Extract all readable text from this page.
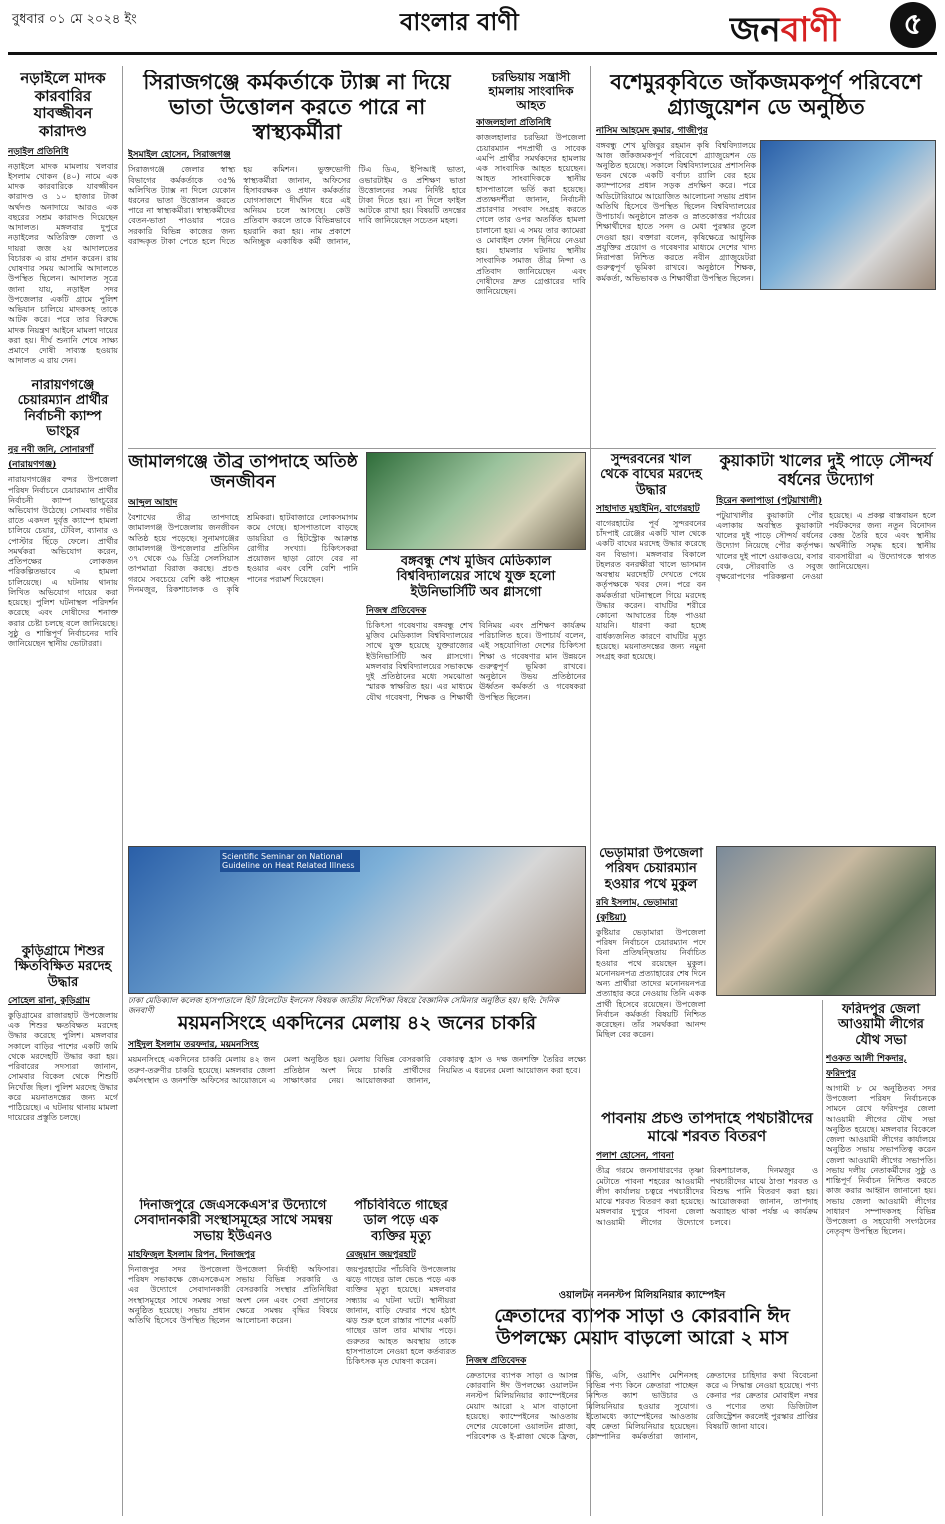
বুধবার ০১ মে ২০২৪ ইং	বাংলার বাণী	জনবাণী	৫
নড়াইলে মাদক কারবারির যাবজ্জীবন কারাদণ্ড
নড়াইল প্রতিনিধি
নড়াইলে মাদক মামলায় খলবার ইসলাম খোকন (৪০) নামে এক মাদক কারবারিকে যাবজ্জীবন কারাদণ্ড ও ১০ হাজার টাকা অর্থদণ্ড অনাদায়ে আরও এক বছরের সশ্রম কারাদণ্ড দিয়েছেন আদালত। মঙ্গলবার দুপুরে নড়াইলের অতিরিক্ত জেলা ও দায়রা জজ ২য় আদালতের বিচারক এ রায় প্রদান করেন। রায় ঘোষণার সময় আসামি আদালতে উপস্থিত ছিলেন। আদালত সূত্রে জানা যায়, নড়াইল সদর উপজেলার একটি গ্রামে পুলিশ অভিযান চালিয়ে মাদকসহ তাকে আটক করে। পরে তার বিরুদ্ধে মাদক নিয়ন্ত্রণ আইনে মামলা দায়ের করা হয়। দীর্ঘ শুনানি শেষে সাক্ষ্য প্রমাণে দোষী সাব্যস্ত হওয়ায় আদালত এ রায় দেন।
সিরাজগঞ্জে কর্মকর্তাকে ট্যাক্স না দিয়ে ভাতা উত্তোলন করতে পারে না স্বাস্থ্যকর্মীরা
ইসমাইল হোসেন, সিরাজগঞ্জ
সিরাজগঞ্জে জেলার স্বাস্থ্য বিভাগের কর্মকর্তাকে ৩৫% অলিখিত ট্যাক্স না দিলে যেকোন ধরনের ভাতা উত্তোলন করতে পারে না স্বাস্থ্যকর্মীরা। স্বাস্থ্যকর্মীদের বেতন-ভাতা পাওয়ার পরেও সরকারি বিভিন্ন কাজের জন্য বরাদ্দকৃত টাকা পেতে হলে দিতে হয় কমিশন। ভুক্তভোগী স্বাস্থ্যকর্মীরা জানান, অফিসের হিসাবরক্ষক ও প্রধান কর্মকর্তার যোগসাজশে দীর্ঘদিন ধরে এই অনিয়ম চলে আসছে। কেউ প্রতিবাদ করলে তাকে বিভিন্নভাবে হয়রানি করা হয়। নাম প্রকাশে অনিচ্ছুক একাধিক কর্মী জানান, টিএ ডিএ, ইপিআই ভাতা, ওভারটাইম ও প্রশিক্ষণ ভাতা উত্তোলনের সময় নির্দিষ্ট হারে টাকা দিতে হয়। না দিলে ফাইল আটকে রাখা হয়। বিষয়টি তদন্তের দাবি জানিয়েছেন সচেতন মহল।
চরভিয়ায় সন্ত্রাসী হামলায় সাংবাদিক আহত
কাজলহালা প্রতিনিধি
কাজলহালার চরভিয়া উপজেলা চেয়ারম্যান পদপ্রার্থী ও সাবেক এমপি প্রার্থীর সমর্থকদের হামলায় এক সাংবাদিক আহত হয়েছেন। আহত সাংবাদিককে স্থানীয় হাসপাতালে ভর্তি করা হয়েছে। প্রত্যক্ষদর্শীরা জানান, নির্বাচনী প্রচারণার সংবাদ সংগ্রহ করতে গেলে তার ওপর অতর্কিত হামলা চালানো হয়। এ সময় তার ক্যামেরা ও মোবাইল ফোন ছিনিয়ে নেওয়া হয়। হামলার ঘটনায় স্থানীয় সাংবাদিক সমাজ তীব্র নিন্দা ও প্রতিবাদ জানিয়েছেন এবং দোষীদের দ্রুত গ্রেপ্তারের দাবি জানিয়েছেন।
বশেমুরকৃবিতে জাঁকজমকপূর্ণ পরিবেশে গ্র্যাজুয়েশন ডে অনুষ্ঠিত
নাসিম আহমেদ কুমার, গাজীপুর
বঙ্গবন্ধু শেখ মুজিবুর রহমান কৃষি বিশ্ববিদ্যালয়ে আজ জাঁকজমকপূর্ণ পরিবেশে গ্র্যাজুয়েশন ডে অনুষ্ঠিত হয়েছে। সকালে বিশ্ববিদ্যালয়ের প্রশাসনিক ভবন থেকে একটি বর্ণাঢ্য র‍্যালি বের হয়ে ক্যাম্পাসের প্রধান সড়ক প্রদক্ষিণ করে। পরে অডিটোরিয়ামে আয়োজিত আলোচনা সভায় প্রধান অতিথি হিসেবে উপস্থিত ছিলেন বিশ্ববিদ্যালয়ের উপাচার্য। অনুষ্ঠানে স্নাতক ও স্নাতকোত্তর পর্যায়ের শিক্ষার্থীদের হাতে সনদ ও মেধা পুরস্কার তুলে দেওয়া হয়। বক্তারা বলেন, কৃষিক্ষেত্রে আধুনিক প্রযুক্তির প্রয়োগ ও গবেষণার মাধ্যমে দেশের খাদ্য নিরাপত্তা নিশ্চিত করতে নবীন গ্র্যাজুয়েটরা গুরুত্বপূর্ণ ভূমিকা রাখবে। অনুষ্ঠানে শিক্ষক, কর্মকর্তা, অভিভাবক ও শিক্ষার্থীরা উপস্থিত ছিলেন।
জামালগঞ্জে তীব্র তাপদাহে অতিষ্ঠ জনজীবন
আব্দুল আহাদ
বৈশাখের তীব্র তাপদাহে জামালগঞ্জ উপজেলায় জনজীবন অতিষ্ঠ হয়ে পড়েছে। সুনামগঞ্জের জামালগঞ্জ উপজেলার প্রতিদিন ৩৭ থেকে ৩৯ ডিগ্রি সেলসিয়াস তাপমাত্রা বিরাজ করছে। প্রচণ্ড গরমে সবচেয়ে বেশি কষ্ট পাচ্ছেন দিনমজুর, রিকশাচালক ও কৃষি শ্রমিকরা। হাটবাজারে লোকসমাগম কমে গেছে। হাসপাতালে বাড়ছে ডায়রিয়া ও হিটস্ট্রোক আক্রান্ত রোগীর সংখ্যা। চিকিৎসকরা প্রয়োজন ছাড়া রোদে বের না হওয়ার এবং বেশি বেশি পানি পানের পরামর্শ দিয়েছেন।
নারায়ণগঞ্জে চেয়ারম্যান প্রার্থীর নির্বাচনী ক্যাম্প ভাংচুর
নুর নবী জনি, সোনারগাঁ (নারায়ণগঞ্জ)
নারায়ণগঞ্জের বন্দর উপজেলা পরিষদ নির্বাচনে চেয়ারম্যান প্রার্থীর নির্বাচনী ক্যাম্প ভাংচুরের অভিযোগ উঠেছে। সোমবার গভীর রাতে একদল দুর্বৃত্ত ক্যাম্পে হামলা চালিয়ে চেয়ার, টেবিল, ব্যানার ও পোস্টার ছিঁড়ে ফেলে। প্রার্থীর সমর্থকরা অভিযোগ করেন, প্রতিপক্ষের লোকজন পরিকল্পিতভাবে এ হামলা চালিয়েছে। এ ঘটনায় থানায় লিখিত অভিযোগ দায়ের করা হয়েছে। পুলিশ ঘটনাস্থল পরিদর্শন করেছে এবং দোষীদের শনাক্ত করার চেষ্টা চলছে বলে জানিয়েছে। সুষ্ঠু ও শান্তিপূর্ণ নির্বাচনের দাবি জানিয়েছেন স্থানীয় ভোটাররা।
বঙ্গবন্ধু শেখ মুজিব মেডিক্যাল বিশ্ববিদ্যালয়ের সাথে যুক্ত হলো ইউনিভার্সিটি অব গ্লাসগো
নিজস্ব প্রতিবেদক
চিকিৎসা গবেষণায় বঙ্গবন্ধু শেখ মুজিব মেডিক্যাল বিশ্ববিদ্যালয়ের সাথে যুক্ত হয়েছে যুক্তরাজ্যের ইউনিভার্সিটি অব গ্লাসগো। মঙ্গলবার বিশ্ববিদ্যালয়ের সভাকক্ষে দুই প্রতিষ্ঠানের মধ্যে সমঝোতা স্মারক স্বাক্ষরিত হয়। এর মাধ্যমে যৌথ গবেষণা, শিক্ষক ও শিক্ষার্থী বিনিময় এবং প্রশিক্ষণ কার্যক্রম পরিচালিত হবে। উপাচার্য বলেন, এই সহযোগিতা দেশের চিকিৎসা শিক্ষা ও গবেষণার মান উন্নয়নে গুরুত্বপূর্ণ ভূমিকা রাখবে। অনুষ্ঠানে উভয় প্রতিষ্ঠানের ঊর্ধ্বতন কর্মকর্তা ও গবেষকরা উপস্থিত ছিলেন।
সুন্দরবনের খাল থেকে বাঘের মরদেহ উদ্ধার
সাহাদাত মুহাইমিন, বাগেরহাট
বাগেরহাটের পূর্ব সুন্দরবনের চাঁদপাই রেঞ্জের একটি খাল থেকে একটি বাঘের মরদেহ উদ্ধার করেছে বন বিভাগ। মঙ্গলবার বিকালে টহলরত বনরক্ষীরা খালে ভাসমান অবস্থায় মরদেহটি দেখতে পেয়ে কর্তৃপক্ষকে খবর দেন। পরে বন কর্মকর্তারা ঘটনাস্থলে গিয়ে মরদেহ উদ্ধার করেন। বাঘটির শরীরে কোনো আঘাতের চিহ্ন পাওয়া যায়নি। ধারণা করা হচ্ছে বার্ধক্যজনিত কারণে বাঘটির মৃত্যু হয়েছে। ময়নাতদন্তের জন্য নমুনা সংগ্রহ করা হয়েছে।
কুয়াকাটা খালের দুই পাড়ে সৌন্দর্য বর্ধনের উদ্যোগ
হিরেন কলাপাড়া (পটুয়াখালী)
পটুয়াখালীর কুয়াকাটা পৌর এলাকায় অবস্থিত কুয়াকাটা খালের দুই পাড়ে সৌন্দর্য বর্ধনের উদ্যোগ নিয়েছে পৌর কর্তৃপক্ষ। খালের দুই পাশে ওয়াকওয়ে, বসার বেঞ্চ, সৌরবাতি ও সবুজ বৃক্ষরোপণের পরিকল্পনা নেওয়া হয়েছে। এ প্রকল্প বাস্তবায়ন হলে পর্যটকদের জন্য নতুন বিনোদন কেন্দ্র তৈরি হবে এবং স্থানীয় অর্থনীতি সমৃদ্ধ হবে। স্থানীয় ব্যবসায়ীরা এ উদ্যোগকে স্বাগত জানিয়েছেন।
Scientific Seminar on National Guideline on Heat Related Illness
ঢাকা মেডিক্যাল কলেজ হাসপাতালে হিট রিলেটেড ইলনেস বিষয়ক জাতীয় নির্দেশিকা বিষয়ে বৈজ্ঞানিক সেমিনার অনুষ্ঠিত হয়। ছবি: দৈনিক জনবাণী
ভেড়ামারা উপজেলা পরিষদ চেয়ারম্যান হওয়ার পথে মুকুল
রবি ইসলাম, ভেড়ামারা (কুষ্টিয়া)
কুষ্টিয়ার ভেড়ামারা উপজেলা পরিষদ নির্বাচনে চেয়ারম্যান পদে বিনা প্রতিদ্বন্দ্বিতায় নির্বাচিত হওয়ার পথে রয়েছেন মুকুল। মনোনয়নপত্র প্রত্যাহারের শেষ দিনে অন্য প্রার্থীরা তাদের মনোনয়নপত্র প্রত্যাহার করে নেওয়ায় তিনি একক প্রার্থী হিসেবে রয়েছেন। উপজেলা নির্বাচন কর্মকর্তা বিষয়টি নিশ্চিত করেছেন। তাঁর সমর্থকরা আনন্দ মিছিল বের করেন।
ফরিদপুর জেলা আওয়ামী লীগের যৌথ সভা
শওকত আলী শিকদার, ফরিদপুর
আগামী ৮ মে অনুষ্ঠিতব্য সদর উপজেলা পরিষদ নির্বাচনকে সামনে রেখে ফরিদপুর জেলা আওয়ামী লীগের যৌথ সভা অনুষ্ঠিত হয়েছে। মঙ্গলবার বিকেলে জেলা আওয়ামী লীগের কার্যালয়ে অনুষ্ঠিত সভায় সভাপতিত্ব করেন জেলা আওয়ামী লীগের সভাপতি। সভায় দলীয় নেতাকর্মীদের সুষ্ঠু ও শান্তিপূর্ণ নির্বাচন নিশ্চিত করতে কাজ করার আহ্বান জানানো হয়। সভায় জেলা আওয়ামী লীগের সাধারণ সম্পাদকসহ বিভিন্ন উপজেলা ও সহযোগী সংগঠনের নেতৃবৃন্দ উপস্থিত ছিলেন।
পাবনায় প্রচণ্ড তাপদাহে পথচারীদের মাঝে শরবত বিতরণ
পলাশ হোসেন, পাবনা
তীব্র গরমে জনসাধারণের তৃষ্ণা মেটাতে পাবনা শহরের আওয়ামী লীগ কার্যালয় চত্বরে পথচারীদের মাঝে শরবত বিতরণ করা হয়েছে। মঙ্গলবার দুপুরে পাবনা জেলা আওয়ামী লীগের উদ্যোগে রিকশাচালক, দিনমজুর ও পথচারীদের মাঝে ঠাণ্ডা শরবত ও বিশুদ্ধ পানি বিতরণ করা হয়। আয়োজকরা জানান, তাপদাহ অব্যাহত থাকা পর্যন্ত এ কার্যক্রম চলবে।
ময়মনসিংহে একদিনের মেলায় ৪২ জনের চাকরি
সাইদুল ইসলাম তরফদার, ময়মনসিংহ
ময়মনসিংহে একদিনের চাকরি মেলায় ৪২ জন তরুণ-তরুণীর চাকরি হয়েছে। মঙ্গলবার জেলা কর্মসংস্থান ও জনশক্তি অফিসের আয়োজনে এ মেলা অনুষ্ঠিত হয়। মেলায় বিভিন্ন বেসরকারি প্রতিষ্ঠান অংশ নিয়ে চাকরি প্রার্থীদের সাক্ষাৎকার নেয়। আয়োজকরা জানান, বেকারত্ব হ্রাস ও দক্ষ জনশক্তি তৈরির লক্ষ্যে নিয়মিত এ ধরনের মেলা আয়োজন করা হবে।
কুড়িগ্রামে শিশুর ক্ষিতবিক্ষিত মরদেহ উদ্ধার
সোহেল রানা, কুড়িগ্রাম
কুড়িগ্রামের রাজারহাট উপজেলায় এক শিশুর ক্ষতবিক্ষত মরদেহ উদ্ধার করেছে পুলিশ। মঙ্গলবার সকালে বাড়ির পাশের একটি জমি থেকে মরদেহটি উদ্ধার করা হয়। পরিবারের সদস্যরা জানান, সোমবার বিকেল থেকে শিশুটি নিখোঁজ ছিল। পুলিশ মরদেহ উদ্ধার করে ময়নাতদন্তের জন্য মর্গে পাঠিয়েছে। এ ঘটনায় থানায় মামলা দায়েরের প্রস্তুতি চলছে।
দিনাজপুরে জেএসকেএস'র উদ্যোগে সেবাদানকারী সংস্থাসমূহের সাথে সমন্বয় সভায় ইউএনও
মাহফিজুল ইসলাম রিপন, দিনাজপুর
দিনাজপুর সদর উপজেলা পরিষদ সভাকক্ষে জেএসকেএস এর উদ্যোগে সেবাদানকারী সংস্থাসমূহের সাথে সমন্বয় সভা অনুষ্ঠিত হয়েছে। সভায় প্রধান অতিথি হিসেবে উপস্থিত ছিলেন উপজেলা নির্বাহী অফিসার। সভায় বিভিন্ন সরকারি ও বেসরকারি সংস্থার প্রতিনিধিরা অংশ নেন এবং সেবা প্রদানের ক্ষেত্রে সমন্বয় বৃদ্ধির বিষয়ে আলোচনা করেন।
পাঁচবিবিতে গাছের ডাল পড়ে এক ব্যক্তির মৃত্যু
রেজুয়ান জয়পুরহাট
জয়পুরহাটের পাঁচবিবি উপজেলায় ঝড়ে গাছের ডাল ভেঙে পড়ে এক ব্যক্তির মৃত্যু হয়েছে। মঙ্গলবার সন্ধ্যায় এ ঘটনা ঘটে। স্থানীয়রা জানান, বাড়ি ফেরার পথে হঠাৎ ঝড় শুরু হলে রাস্তার পাশের একটি গাছের ডাল তার মাথায় পড়ে। গুরুতর আহত অবস্থায় তাকে হাসপাতালে নেওয়া হলে কর্তব্যরত চিকিৎসক মৃত ঘোষণা করেন।
ওয়ালটন নননস্টপ মিলিয়নিয়ার ক্যাম্পেইন
ক্রেতাদের ব্যাপক সাড়া ও কোরবানি ঈদ উপলক্ষ্যে মেয়াদ বাড়লো আরো ২ মাস
নিজস্ব প্রতিবেদক
ক্রেতাদের ব্যাপক সাড়া ও আসন্ন কোরবানি ঈদ উপলক্ষ্যে ওয়ালটন ননস্টপ মিলিয়নিয়ার ক্যাম্পেইনের মেয়াদ আরো ২ মাস বাড়ানো হয়েছে। ক্যাম্পেইনের আওতায় দেশের যেকোনো ওয়ালটন প্লাজা, পরিবেশক ও ই-প্লাজা থেকে ফ্রিজ, টিভি, এসি, ওয়াশিং মেশিনসহ বিভিন্ন পণ্য কিনে ক্রেতারা পাচ্ছেন নিশ্চিত ক্যাশ ভাউচার ও মিলিয়নিয়ার হওয়ার সুযোগ। ইতোমধ্যে ক্যাম্পেইনের আওতায় বহু ক্রেতা মিলিয়নিয়ার হয়েছেন। কোম্পানির কর্মকর্তারা জানান, ক্রেতাদের চাহিদার কথা বিবেচনা করে এ সিদ্ধান্ত নেওয়া হয়েছে। পণ্য কেনার পর ক্রেতার মোবাইল নম্বর ও পণ্যের তথ্য ডিজিটাল রেজিস্ট্রেশন করলেই পুরস্কার প্রাপ্তির বিষয়টি জানা যাবে।
